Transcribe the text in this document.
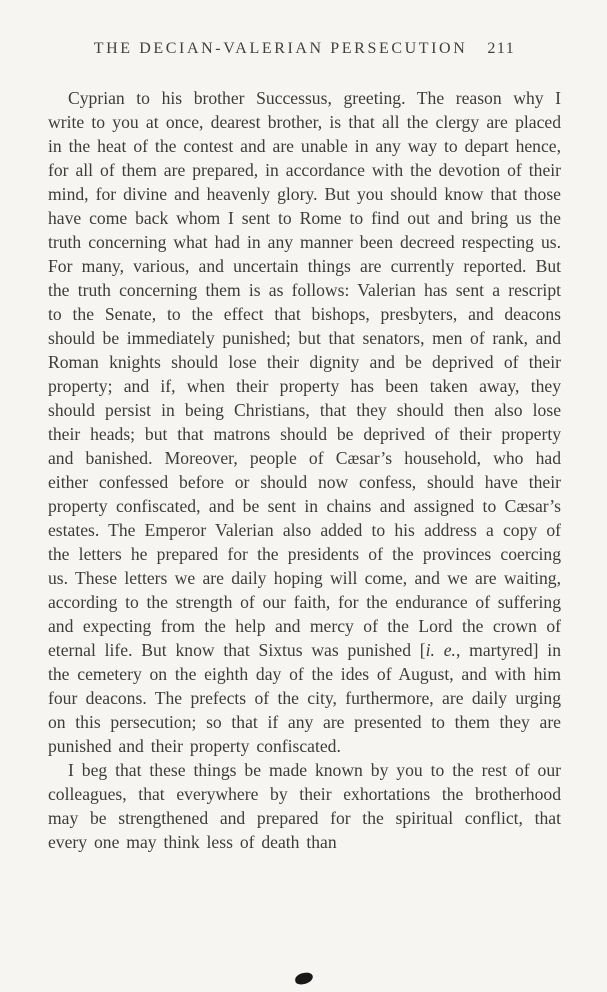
THE DECIAN-VALERIAN PERSECUTION 211

Cyprian to his brother Successus, greeting. The reason why I write to you at once, dearest brother, is that all the clergy are placed in the heat of the contest and are unable in any way to depart hence, for all of them are prepared, in accordance with the devotion of their mind, for divine and heavenly glory. But you should know that those have come back whom I sent to Rome to find out and bring us the truth concerning what had in any manner been decreed respecting us. For many, various, and uncertain things are currently reported. But the truth concerning them is as follows: Valerian has sent a rescript to the Senate, to the effect that bishops, presbyters, and deacons should be immediately punished; but that senators, men of rank, and Roman knights should lose their dignity and be deprived of their property; and if, when their property has been taken away, they should persist in being Christians, that they should then also lose their heads; but that matrons should be deprived of their property and banished. Moreover, people of Cæsar’s household, who had either confessed before or should now confess, should have their property confiscated, and be sent in chains and assigned to Cæsar’s estates. The Emperor Valerian also added to his address a copy of the letters he prepared for the presidents of the provinces coercing us. These letters we are daily hoping will come, and we are waiting, according to the strength of our faith, for the endurance of suffering and expecting from the help and mercy of the Lord the crown of eternal life. But know that Sixtus was punished [i. e., martyred] in the cemetery on the eighth day of the ides of August, and with him four deacons. The prefects of the city, furthermore, are daily urging on this persecution; so that if any are presented to them they are punished and their property confiscated.

I beg that these things be made known by you to the rest of our colleagues, that everywhere by their exhortations the brotherhood may be strengthened and prepared for the spiritual conflict, that every one may think less of death than
